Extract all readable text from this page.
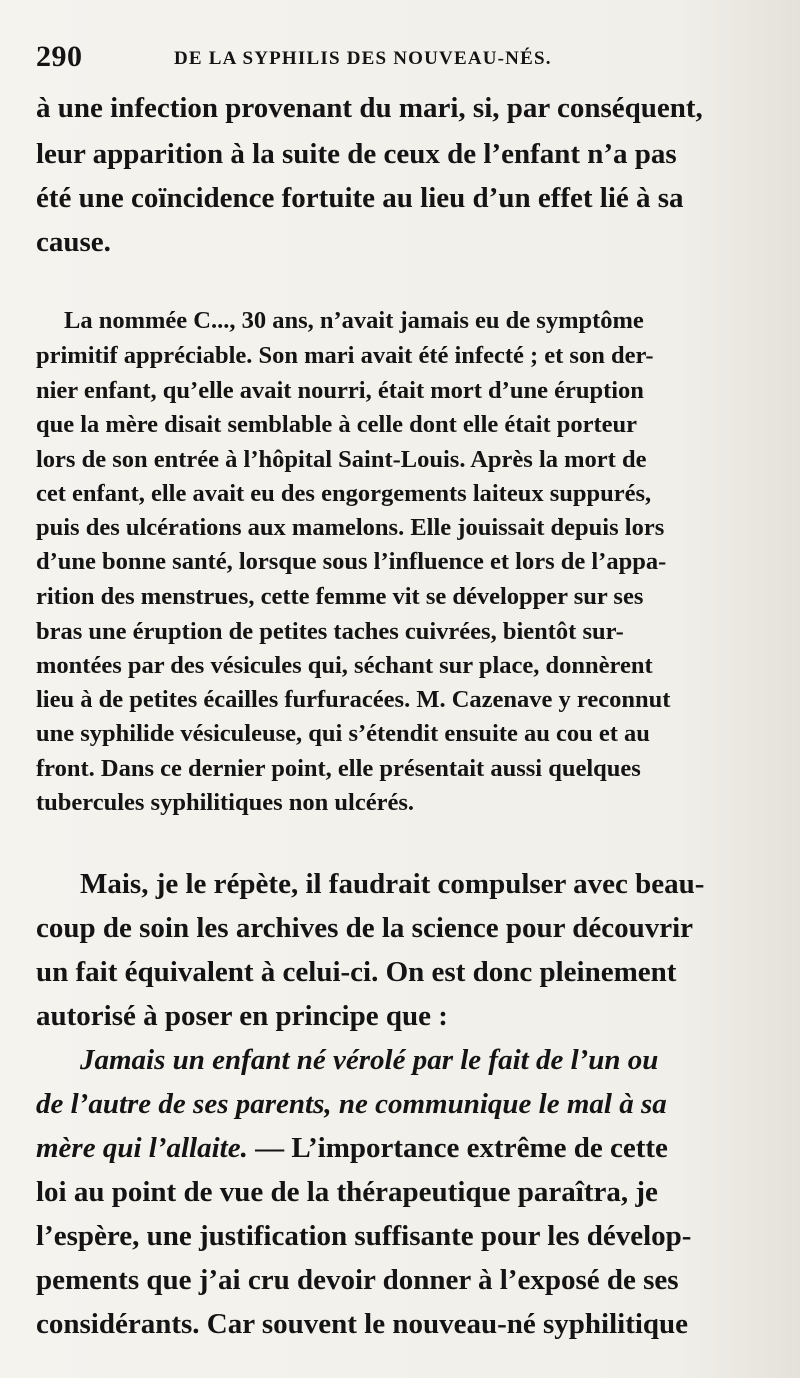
290	DE LA SYPHILIS DES NOUVEAU-NÉS.
à une infection provenant du mari, si, par conséquent,
leur apparition à la suite de ceux de l’enfant n’a pas
été une coïncidence fortuite au lieu d’un effet lié à sa
cause.
La nommée C..., 30 ans, n’avait jamais eu de symptôme
primitif appréciable. Son mari avait été infecté ; et son der-
nier enfant, qu’elle avait nourri, était mort d’une éruption
que la mère disait semblable à celle dont elle était porteur
lors de son entrée à l’hôpital Saint-Louis. Après la mort de
cet enfant, elle avait eu des engorgements laiteux suppurés,
puis des ulcérations aux mamelons. Elle jouissait depuis lors
d’une bonne santé, lorsque sous l’influence et lors de l’appa-
rition des menstrues, cette femme vit se développer sur ses
bras une éruption de petites taches cuivrées, bientôt sur-
montées par des vésicules qui, séchant sur place, donnèrent
lieu à de petites écailles furfuracées. M. Cazenave y reconnut
une syphilide vésiculeuse, qui s’étendit ensuite au cou et au
front. Dans ce dernier point, elle présentait aussi quelques
tubercules syphilitiques non ulcérés.
Mais, je le répète, il faudrait compulser avec beau-
coup de soin les archives de la science pour découvrir
un fait équivalent à celui-ci. On est donc pleinement
autorisé à poser en principe que :
Jamais un enfant né vérolé par le fait de l’un ou
de l’autre de ses parents, ne communique le mal à sa
mère qui l’allaite. — L’importance extrême de cette
loi au point de vue de la thérapeutique paraîtra, je
l’espère, une justification suffisante pour les dévelop-
pements que j’ai cru devoir donner à l’exposé de ses
considérants. Car souvent le nouveau-né syphilitique
